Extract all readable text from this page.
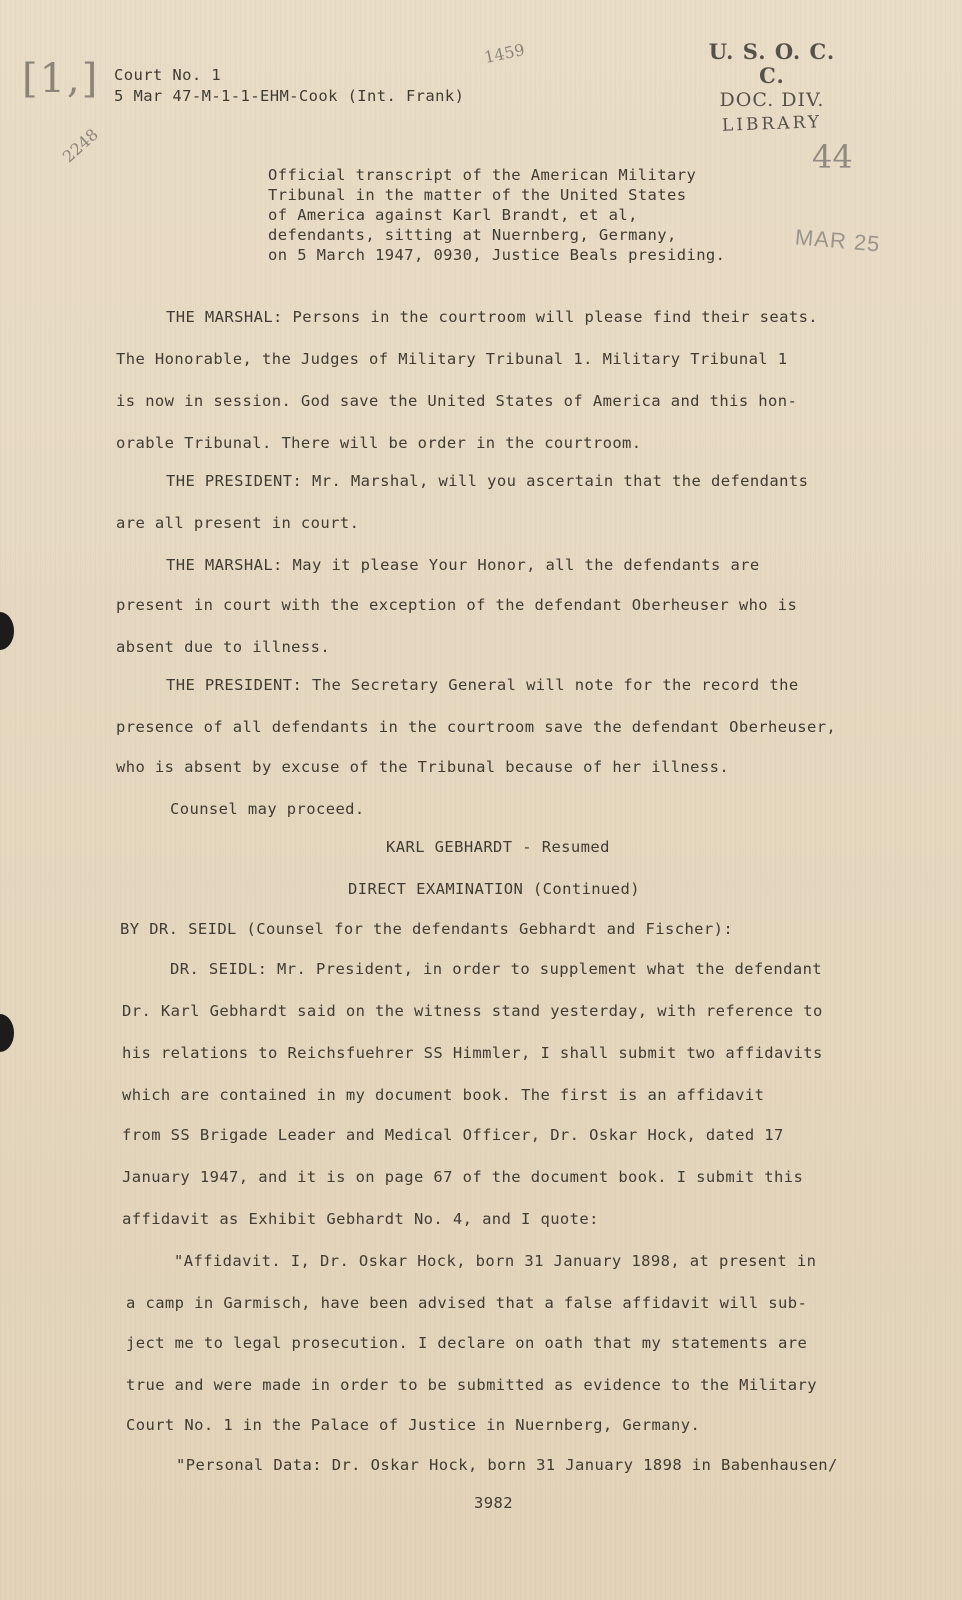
[1,]
1459
2248	44
Court No. 1
5 Mar 47-M-1-1-EHM-Cook (Int. Frank)
U. S. O. C. C.
DOC. DIV.
LIBRARY
MAR 25
Official transcript of the American Military
Tribunal in the matter of the United States
of America against Karl Brandt, et al,
defendants, sitting at Nuernberg, Germany,
on 5 March 1947, 0930, Justice Beals presiding.
THE MARSHAL: Persons in the courtroom will please find their seats.
The Honorable, the Judges of Military Tribunal 1. Military Tribunal 1
is now in session. God save the United States of America and this hon-
orable Tribunal. There will be order in the courtroom.
THE PRESIDENT: Mr. Marshal, will you ascertain that the defendants
are all present in court.
THE MARSHAL: May it please Your Honor, all the defendants are
present in court with the exception of the defendant Oberheuser who is
absent due to illness.
THE PRESIDENT: The Secretary General will note for the record the
presence of all defendants in the courtroom save the defendant Oberheuser,
who is absent by excuse of the Tribunal because of her illness.
Counsel may proceed.
KARL GEBHARDT - Resumed
DIRECT EXAMINATION (Continued)
BY DR. SEIDL (Counsel for the defendants Gebhardt and Fischer):
DR. SEIDL: Mr. President, in order to supplement what the defendant
Dr. Karl Gebhardt said on the witness stand yesterday, with reference to
his relations to Reichsfuehrer SS Himmler, I shall submit two affidavits
which are contained in my document book. The first is an affidavit
from SS Brigade Leader and Medical Officer, Dr. Oskar Hock, dated 17
January 1947, and it is on page 67 of the document book. I submit this
affidavit as Exhibit Gebhardt No. 4, and I quote:
"Affidavit. I, Dr. Oskar Hock, born 31 January 1898, at present in
a camp in Garmisch, have been advised that a false affidavit will sub-
ject me to legal prosecution. I declare on oath that my statements are
true and were made in order to be submitted as evidence to the Military
Court No. 1 in the Palace of Justice in Nuernberg, Germany.
"Personal Data: Dr. Oskar Hock, born 31 January 1898 in Babenhausen/
3982
